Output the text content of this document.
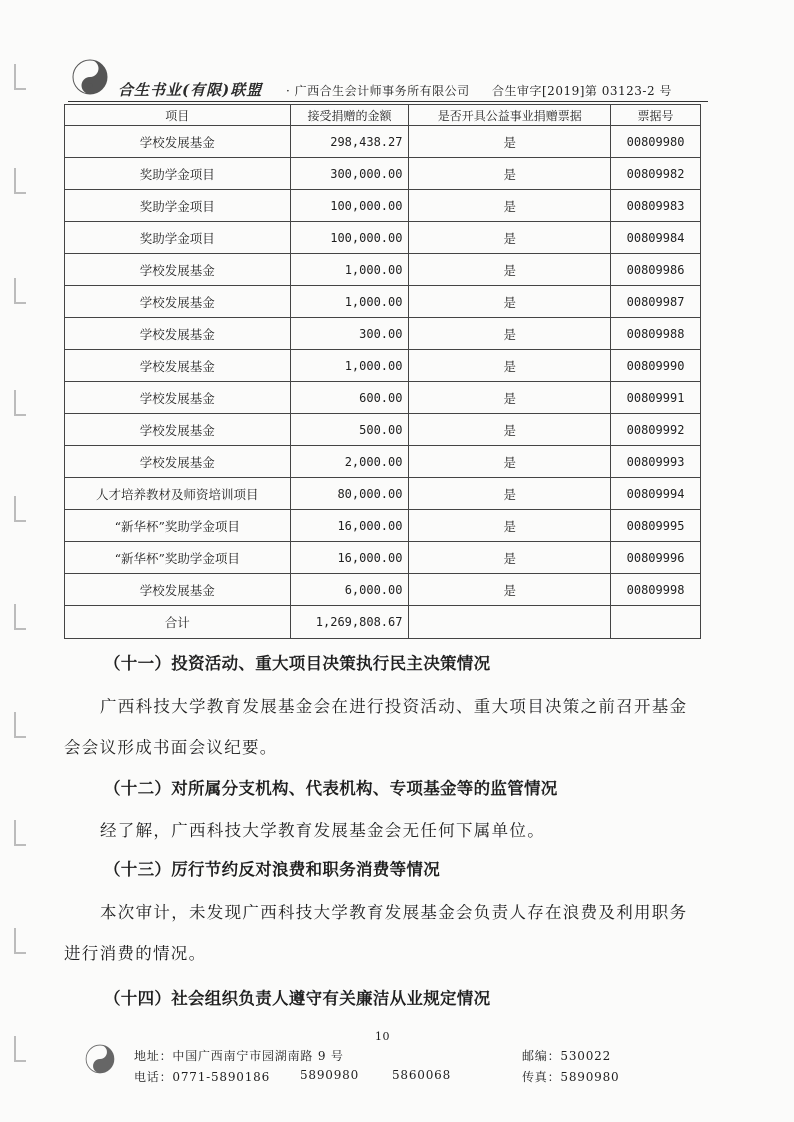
合生书业(有限)联盟 · 广西合生会计师事务所有限公司 合生审字[2019]第 03123-2 号
项目	接受捐赠的金额	是否开具公益事业捐赠票据	票据号
学校发展基金	298,438.27	是	00809980
奖助学金项目	300,000.00	是	00809982
奖助学金项目	100,000.00	是	00809983
奖助学金项目	100,000.00	是	00809984
学校发展基金	1,000.00	是	00809986
学校发展基金	1,000.00	是	00809987
学校发展基金	300.00	是	00809988
学校发展基金	1,000.00	是	00809990
学校发展基金	600.00	是	00809991
学校发展基金	500.00	是	00809992
学校发展基金	2,000.00	是	00809993
人才培养教材及师资培训项目	80,000.00	是	00809994
“新华杯”奖助学金项目	16,000.00	是	00809995
“新华杯”奖助学金项目	16,000.00	是	00809996
学校发展基金	6,000.00	是	00809998
合计	1,269,808.67		
（十一）投资活动、重大项目决策执行民主决策情况
广西科技大学教育发展基金会在进行投资活动、重大项目决策之前召开基金会会议形成书面会议纪要。
（十二）对所属分支机构、代表机构、专项基金等的监管情况
经了解，广西科技大学教育发展基金会无任何下属单位。
（十三）厉行节约反对浪费和职务消费等情况
本次审计，未发现广西科技大学教育发展基金会负责人存在浪费及利用职务进行消费的情况。
（十四）社会组织负责人遵守有关廉洁从业规定情况
10
地址：中国广西南宁市园湖南路 9 号	邮编：530022
电话：0771-5890186 5890980	5860068	传真：5890980
